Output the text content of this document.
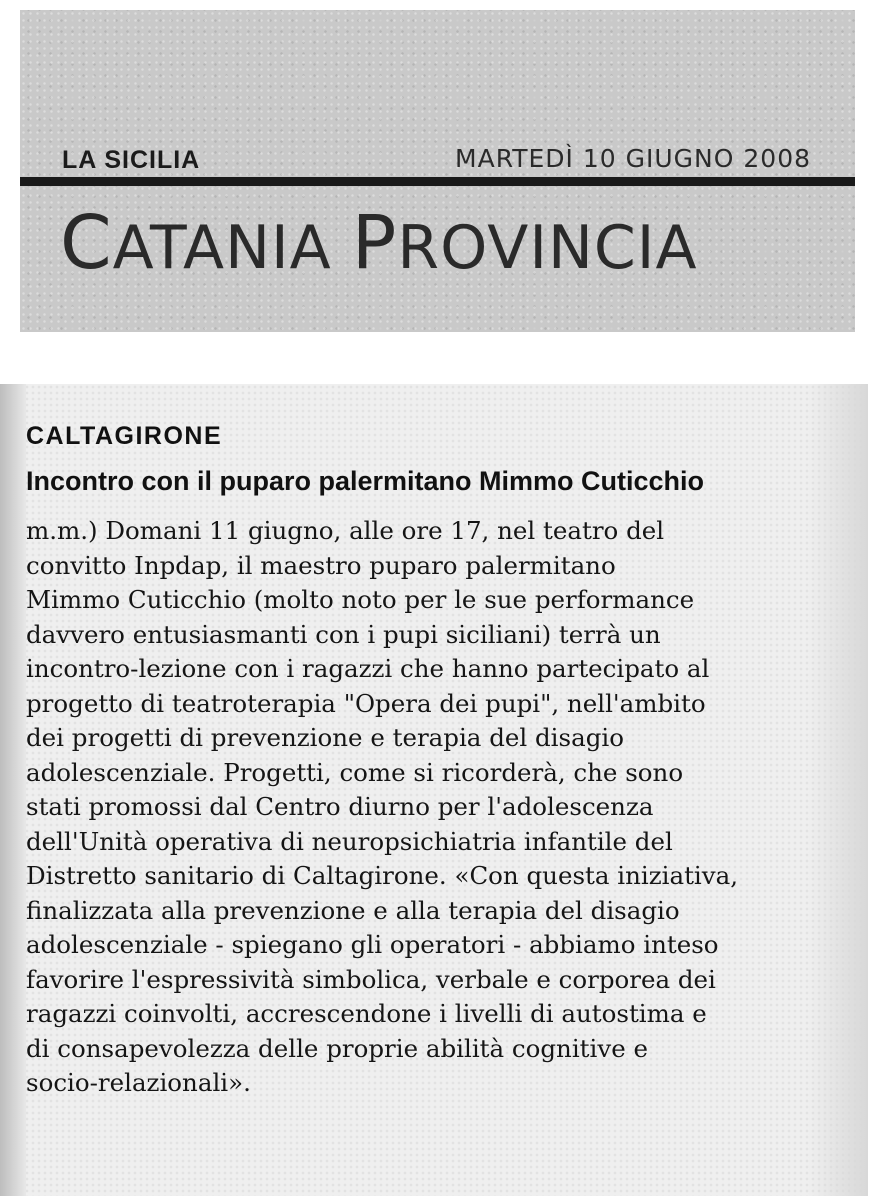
LA SICILIA	MARTEDÌ 10 GIUGNO 2008
CATANIA PROVINCIA
CALTAGIRONE
Incontro con il puparo palermitano Mimmo Cuticchio
m.m.) Domani 11 giugno, alle ore 17, nel teatro del
convitto Inpdap, il maestro puparo palermitano
Mimmo Cuticchio (molto noto per le sue performance
davvero entusiasmanti con i pupi siciliani) terrà un
incontro-lezione con i ragazzi che hanno partecipato al
progetto di teatroterapia "Opera dei pupi", nell'ambito
dei progetti di prevenzione e terapia del disagio
adolescenziale. Progetti, come si ricorderà, che sono
stati promossi dal Centro diurno per l'adolescenza
dell'Unità operativa di neuropsichiatria infantile del
Distretto sanitario di Caltagirone. «Con questa iniziativa,
finalizzata alla prevenzione e alla terapia del disagio
adolescenziale - spiegano gli operatori - abbiamo inteso
favorire l'espressività simbolica, verbale e corporea dei
ragazzi coinvolti, accrescendone i livelli di autostima e
di consapevolezza delle proprie abilità cognitive e
socio-relazionali».
